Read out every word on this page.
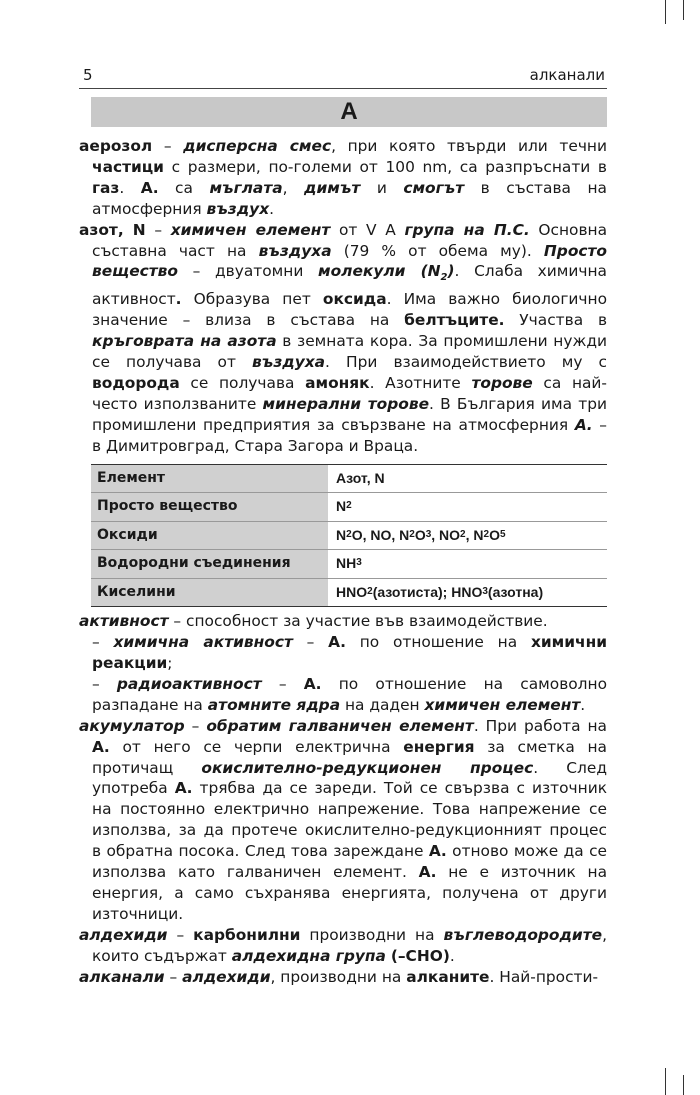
5	алканали
A

аерозол – дисперсна смес, при която твърди или течни частици с размери, по-големи от 100 nm, са разпръснати в газ. А. са мъглата, димът и смогът в състава на атмосферния въздух.

азот, N – химичен елемент от V A група на П.С. Основна съставна част на въздуха (79 % от обема му). Просто вещество – двуатомни молекули $(N_2)$. Слаба химична активност. Образува пет оксида. Има важно биологично значение – влиза в състава на белтъците. Участва в кръговрата на азота в земната кора. За промишлени нужди се получава от въздуха. При взаимодействието му с водорода се получава амоняк. Азотните торове са най-често използваните минерални торове. В България има три промишлени предприятия за свързване на атмосферния А. – в Димитровград, Стара Загора и Враца.

Елемент	Азот, N
Просто вещество	N 2
Оксиди	N 2 O, NO, N 2 O 3 , NO 2 , N 2 O 5
Водородни съединения	NH 3
Киселини	HNO 2 (азотиста); HNO 3 (азотна)

активност – способност за участие във взаимодействие.

– химична активност – А. по отношение на химични реакции;

– радиоактивност – А. по отношение на самоволно разпадане на атомните ядра на даден химичен елемент.

акумулатор – обратим галваничен елемент. При работа на А. от него се черпи електрична енергия за сметка на протичащ окислително-редукционен процес. След употреба А. трябва да се зареди. Той се свързва с източник на постоянно електрично напрежение. Това напрежение се използва, за да протече окислително-редукционният процес в обратна посока. След това зареждане А. отново може да се използва като галваничен елемент. А. не е източник на енергия, а само съхранява енергията, получена от други източници.

алдехиди – карбонилни производни на въглеводородите, които съдържат алдехидна група (–CHO).

алканали – алдехиди, производни на алканите. Най-прости-
